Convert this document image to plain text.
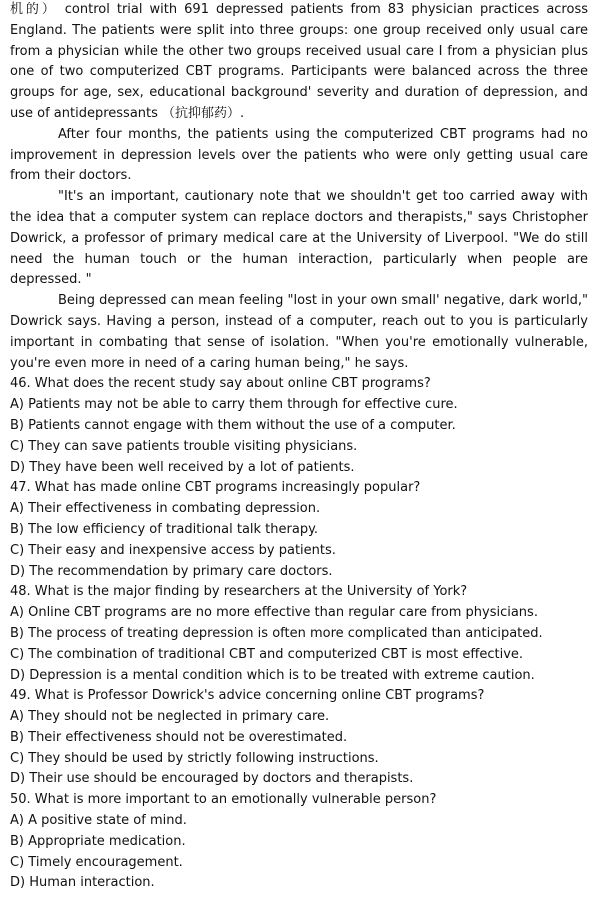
机的） control trial with 691 depressed patients from 83 physician practices across England. The patients were split into three groups: one group received only usual care from a physician while the other two groups received usual care I from a physician plus one of two computerized CBT programs. Participants were balanced across the three groups for age, sex, educational background' severity and duration of depression, and use of antidepressants （抗抑郁药）.

After four months, the patients using the computerized CBT programs had no improvement in depression levels over the patients who were only getting usual care from their doctors.

"It's an important, cautionary note that we shouldn't get too carried away with the idea that a computer system can replace doctors and therapists," says Christopher Dowrick, a professor of primary medical care at the University of Liverpool. "We do still need the human touch or the human interaction, particularly when people are depressed. "

Being depressed can mean feeling "lost in your own small' negative, dark world," Dowrick says. Having a person, instead of a computer, reach out to you is particularly important in combating that sense of isolation. "When you're emotionally vulnerable, you're even more in need of a caring human being," he says.

46. What does the recent study say about online CBT programs?

A) Patients may not be able to carry them through for effective cure.

B) Patients cannot engage with them without the use of a computer.

C) They can save patients trouble visiting physicians.

D) They have been well received by a lot of patients.

47. What has made online CBT programs increasingly popular?

A) Their effectiveness in combating depression.

B) The low efficiency of traditional talk therapy.

C) Their easy and inexpensive access by patients.

D) The recommendation by primary care doctors.

48. What is the major finding by researchers at the University of York?

A) Online CBT programs are no more effective than regular care from physicians.

B) The process of treating depression is often more complicated than anticipated.

C) The combination of traditional CBT and computerized CBT is most effective.

D) Depression is a mental condition which is to be treated with extreme caution.

49. What is Professor Dowrick's advice concerning online CBT programs?

A) They should not be neglected in primary care.

B) Their effectiveness should not be overestimated.

C) They should be used by strictly following instructions.

D) Their use should be encouraged by doctors and therapists.

50. What is more important to an emotionally vulnerable person?

A) A positive state of mind.

B) Appropriate medication.

C) Timely encouragement.

D) Human interaction.
